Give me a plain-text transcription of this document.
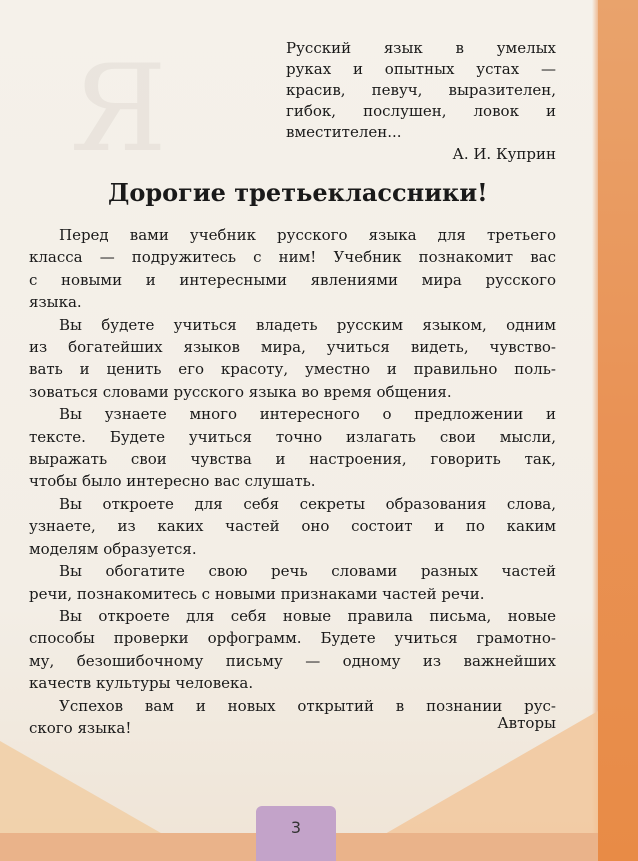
Я	Русский язык в умелых
руках и опытных устах —
красив, певуч, выразителен,
гибок, послушен, ловок и
вместителен...
А. И. Куприн
Дорогие третьеклассники!
Перед вами учебник русского языка для третьего
класса — подружитесь с ним! Учебник познакомит вас
с новыми и интересными явлениями мира русского
языка.
Вы будете учиться владеть русским языком, одним
из богатейших языков мира, учиться видеть, чувство-
вать и ценить его красоту, уместно и правильно поль-
зоваться словами русского языка во время общения.
Вы узнаете много интересного о предложении и
тексте. Будете учиться точно излагать свои мысли,
выражать свои чувства и настроения, говорить так,
чтобы было интересно вас слушать.
Вы откроете для себя секреты образования слова,
узнаете, из каких частей оно состоит и по каким
моделям образуется.
Вы обогатите свою речь словами разных частей
речи, познакомитесь с новыми признаками частей речи.
Вы откроете для себя новые правила письма, новые
способы проверки орфограмм. Будете учиться грамотно-
му, безошибочному письму — одному из важнейших
качеств культуры человека.
Успехов вам и новых открытий в познании рус-
ского языка!	Авторы
3
